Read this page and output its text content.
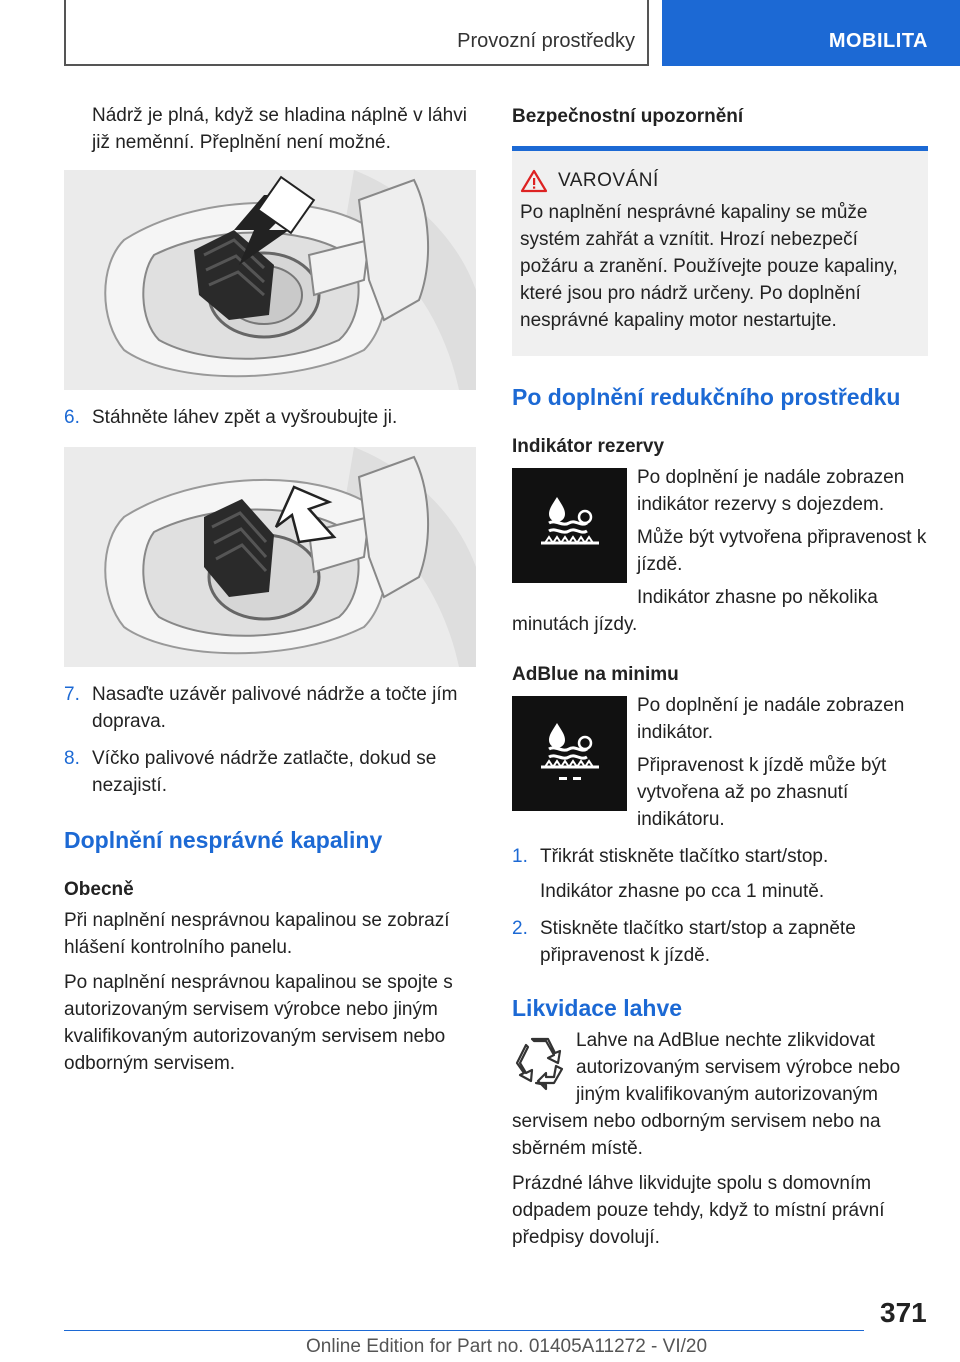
Provozní prostředky	MOBILITA

Nádrž je plná, když se hladina náplně v láhvi již neměnní. Přeplnění není možné.

6. Stáhněte láhev zpět a vyšroubujte ji.
7. Nasaďte uzávěr palivové nádrže a točte jím doprava.
8. Víčko palivové nádrže zatlačte, dokud se nezajistí.
Doplnění nesprávné kapaliny
Obecně

Při naplnění nesprávnou kapalinou se zobrazí hlášení kontrolního panelu.

Po naplnění nesprávnou kapalinou se spojte s autorizovaným servisem výrobce nebo jiným kvalifikovaným autorizovaným servisem nebo odborným servisem.

Bezpečnostní upozornění
VAROVÁNÍ

Po naplnění nesprávné kapaliny se může systém zahřát a vznítit. Hrozí nebezpečí požáru a zranění. Používejte pouze kapaliny, které jsou pro nádrž určeny. Po doplnění nesprávné kapaliny motor nestartujte.

Po doplnění redukčního prostředku
Indikátor rezervy

Po doplnění je nadále zobrazen indikátor rezervy s dojezdem.

Může být vytvořena připravenost k jízdě.

Indikátor zhasne po několika minutách jízdy.

AdBlue na minimu

Po doplnění je nadále zobrazen indikátor.

Připravenost k jízdě může být vytvořena až po zhasnutí indikátoru.

1. Třikrát stiskněte tlačítko start/stop.

Indikátor zhasne po cca 1 minutě.

2. Stiskněte tlačítko start/stop a zapněte připravenost k jízdě.
Likvidace lahve

Lahve na AdBlue nechte zlikvidovat autorizovaným servisem výrobce nebo jiným kvalifikovaným autorizovaným servisem nebo odborným servisem nebo na sběrném místě.

Prázdné láhve likvidujte spolu s domovním odpadem pouze tehdy, když to místní právní předpisy dovolují.

371
Online Edition for Part no. 01405A11272 - VI/20
